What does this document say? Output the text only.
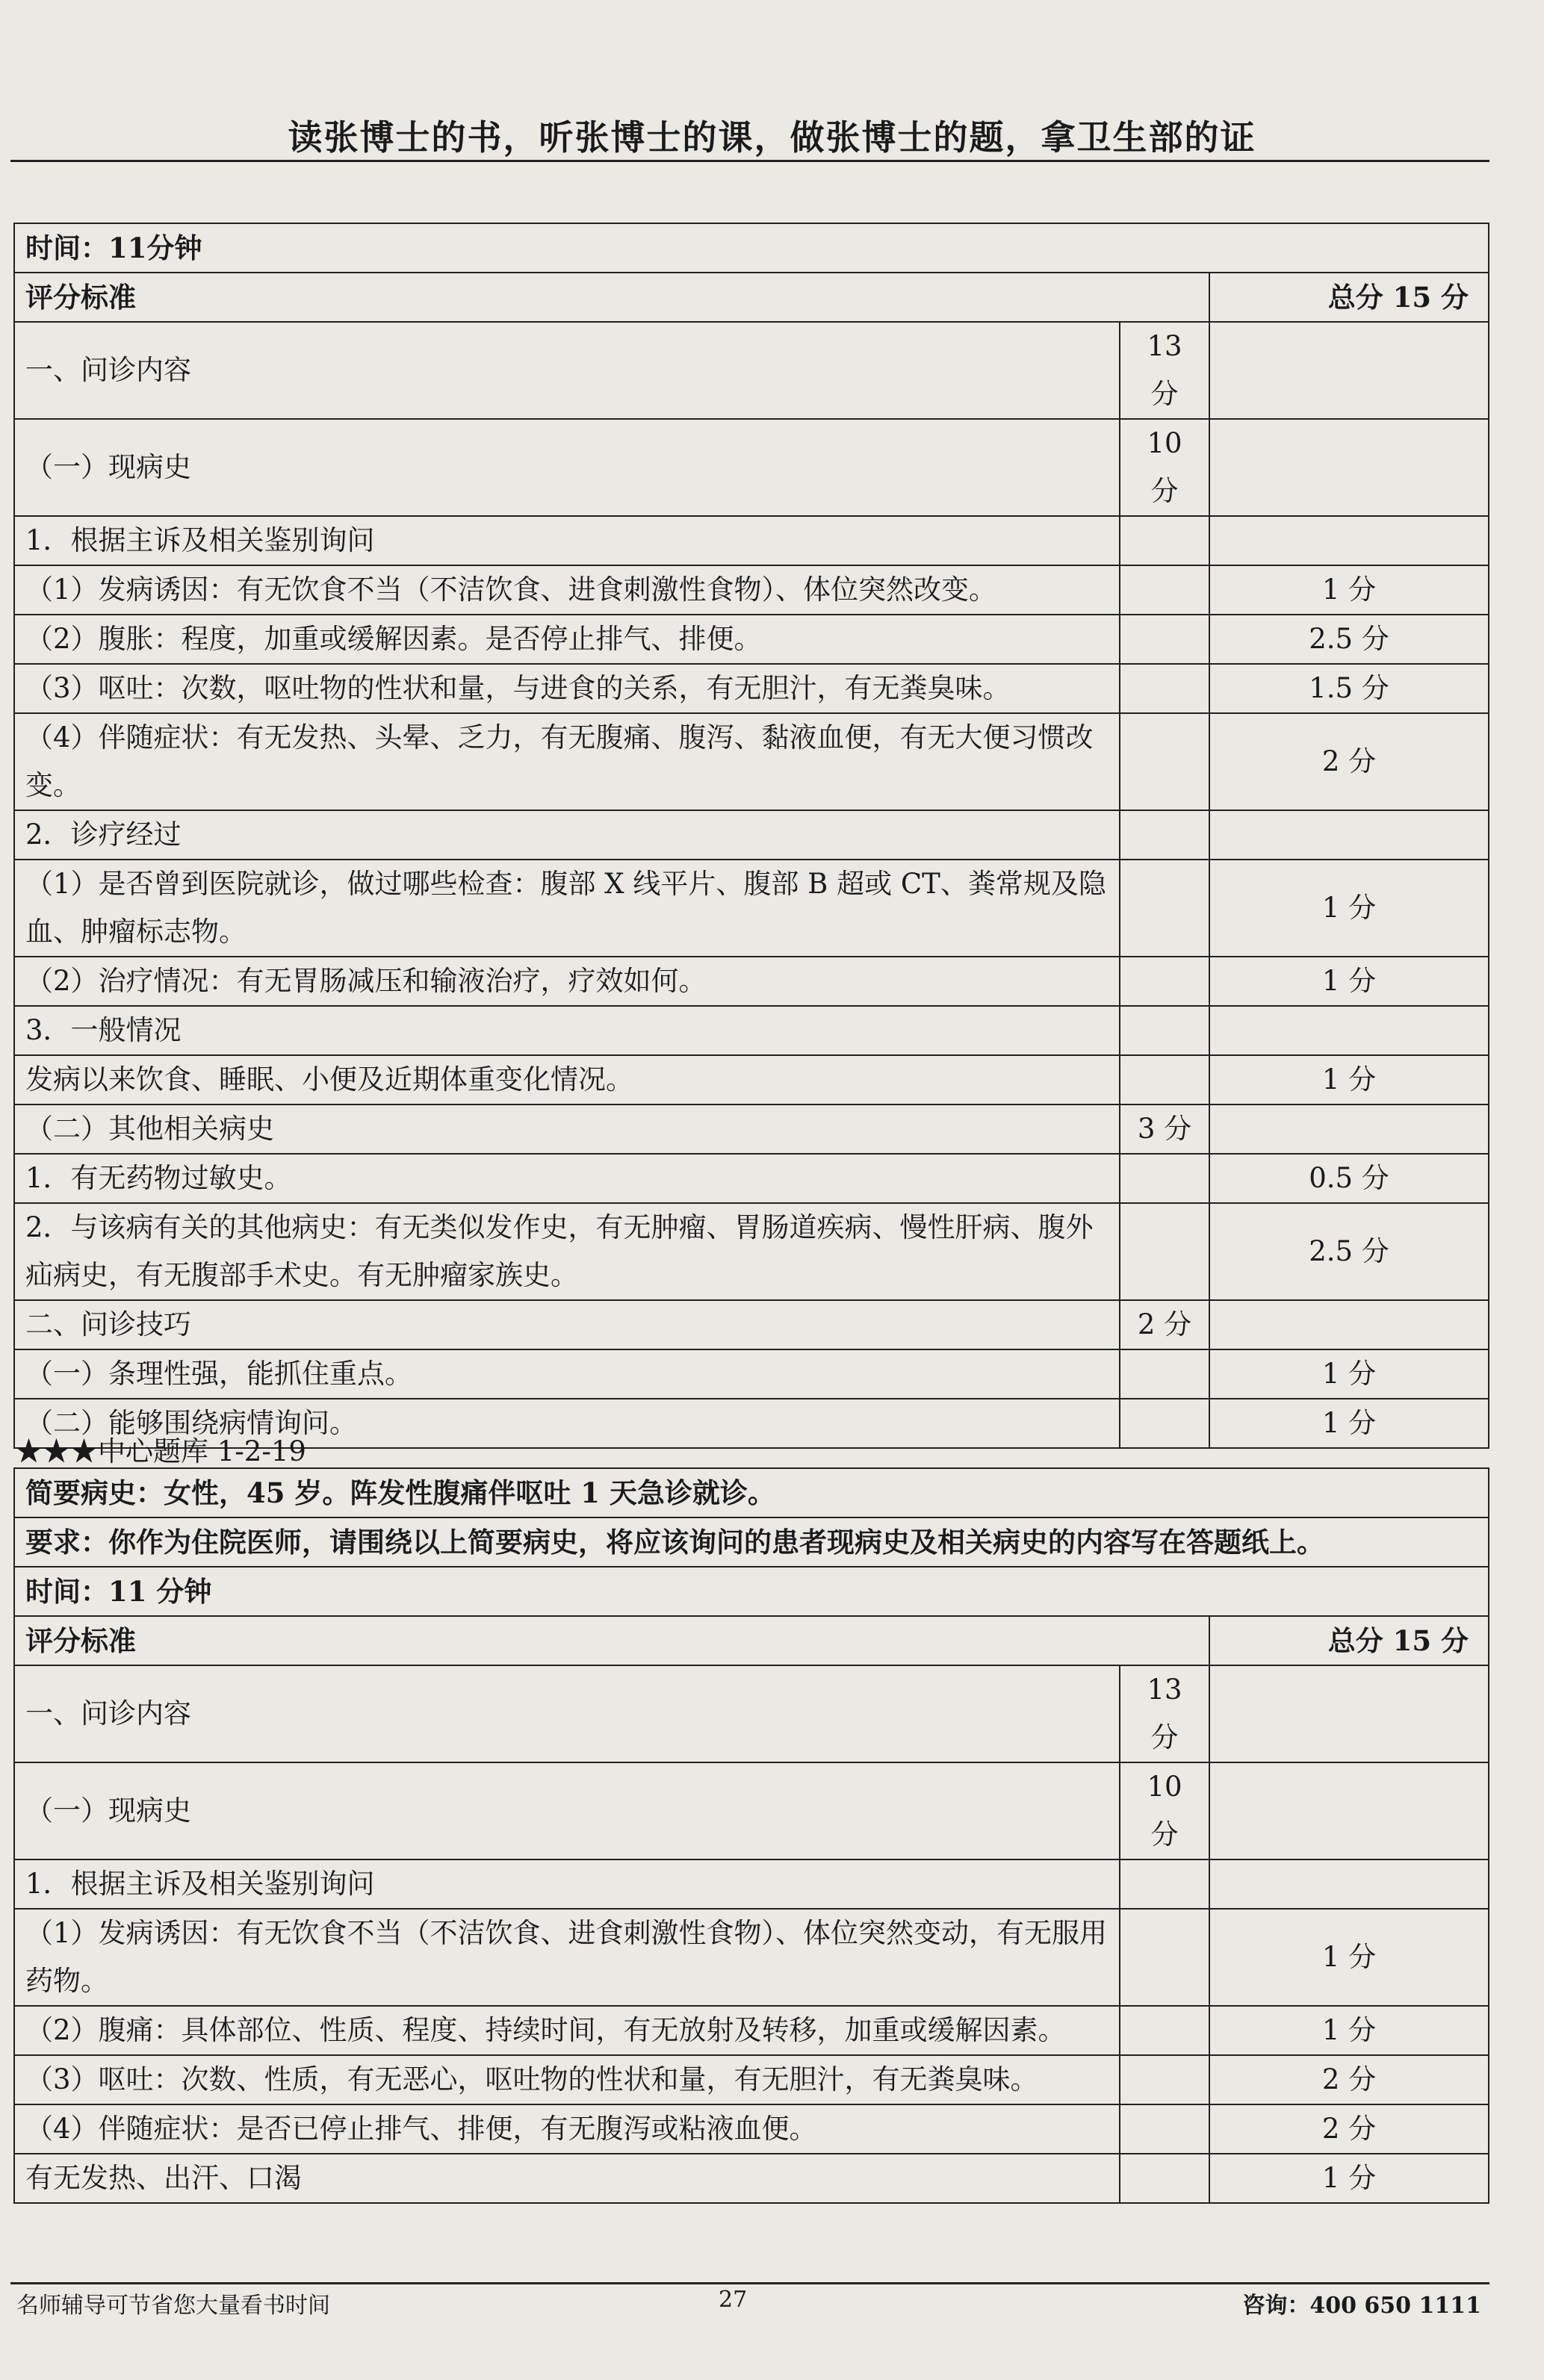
读张博士的书，听张博士的课，做张博士的题，拿卫生部的证
时间：11分钟		
评分标准		总分 15 分
一、问诊内容	13 分	
（一）现病史	10 分	
1．根据主诉及相关鉴别询问		
（1）发病诱因：有无饮食不当（不洁饮食、进食刺激性食物）、体位突然改变。		1 分
（2）腹胀：程度，加重或缓解因素。是否停止排气、排便。		2.5 分
（3）呕吐：次数，呕吐物的性状和量，与进食的关系，有无胆汁，有无粪臭味。		1.5 分
（4）伴随症状：有无发热、头晕、乏力，有无腹痛、腹泻、黏液血便，有无大便习惯改变。		2 分
2．诊疗经过		
（1）是否曾到医院就诊，做过哪些检查：腹部 X 线平片、腹部 B 超或 CT、粪常规及隐血、肿瘤标志物。		1 分
（2）治疗情况：有无胃肠减压和输液治疗，疗效如何。		1 分
3．一般情况		
发病以来饮食、睡眠、小便及近期体重变化情况。		1 分
（二）其他相关病史	3 分	
1．有无药物过敏史。		0.5 分
2．与该病有关的其他病史：有无类似发作史，有无肿瘤、胃肠道疾病、慢性肝病、腹外疝病史，有无腹部手术史。有无肿瘤家族史。		2.5 分
二、问诊技巧	2 分	
（一）条理性强，能抓住重点。		1 分
（二）能够围绕病情询问。		1 分
★★★中心题库 1-2-19
简要病史：女性，45 岁。阵发性腹痛伴呕吐 1 天急诊就诊。		
要求：你作为住院医师，请围绕以上简要病史，将应该询问的患者现病史及相关病史的内容写在答题纸上。		
时间：11 分钟		
评分标准		总分 15 分
一、问诊内容	13 分	
（一）现病史	10 分	
1．根据主诉及相关鉴别询问		
（1）发病诱因：有无饮食不当（不洁饮食、进食刺激性食物）、体位突然变动，有无服用药物。		1 分
（2）腹痛：具体部位、性质、程度、持续时间，有无放射及转移，加重或缓解因素。		1 分
（3）呕吐：次数、性质，有无恶心，呕吐物的性状和量，有无胆汁，有无粪臭味。		2 分
（4）伴随症状：是否已停止排气、排便，有无腹泻或粘液血便。		2 分
有无发热、出汗、口渴		1 分
名师辅导可节省您大量看书时间	27	咨询：400 650 1111
